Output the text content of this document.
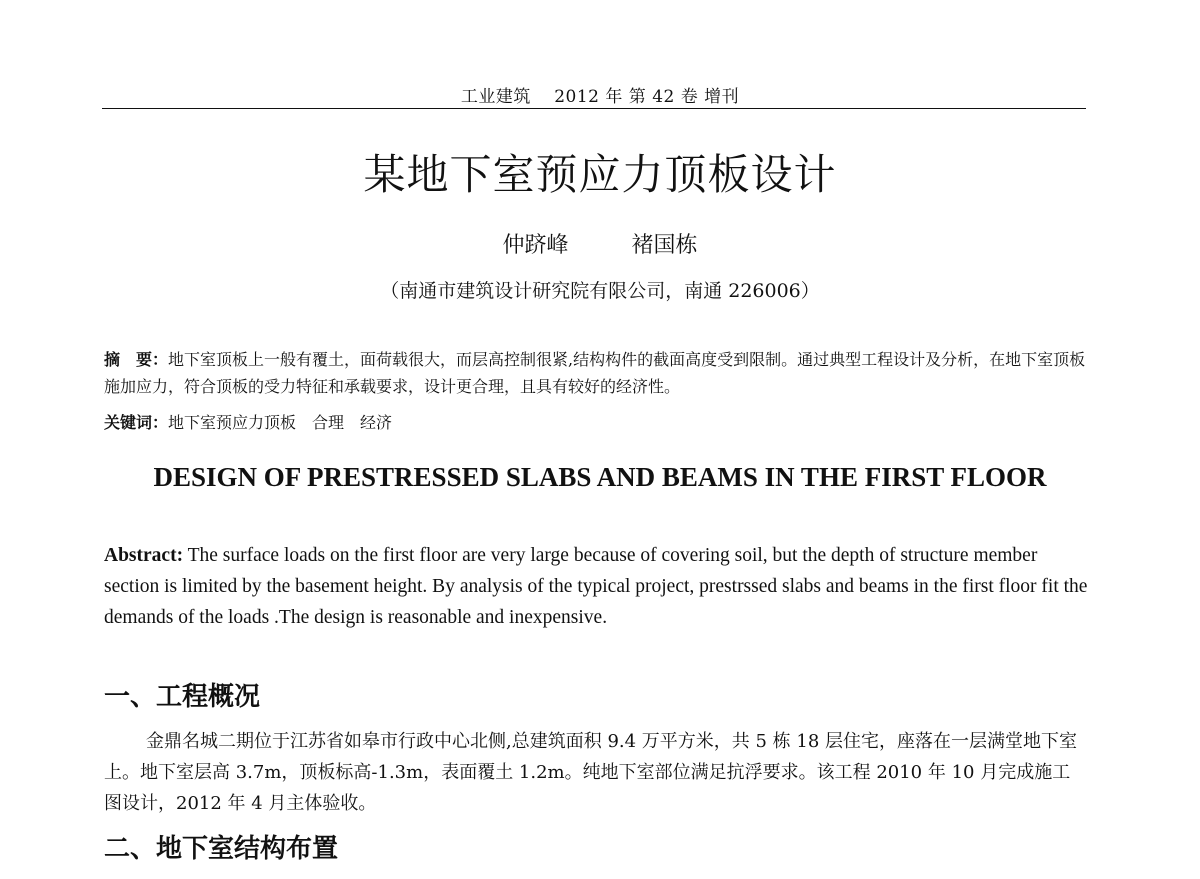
工业建筑　 2012 年 第 42 卷 增刊
某地下室预应力顶板设计
仲跻峰	褚国栋
（南通市建筑设计研究院有限公司，南通 226006）
摘　要：地下室顶板上一般有覆土，面荷载很大，而层高控制很紧,结构构件的截面高度受到限制。通过典型工程设计及分析，在地下室顶板施加应力，符合顶板的受力特征和承载要求，设计更合理，且具有较好的经济性。
关键词：地下室预应力顶板 合理 经济
DESIGN OF PRESTRESSED SLABS AND BEAMS IN THE FIRST FLOOR
Abstract: The surface loads on the first floor are very large because of covering soil, but the depth of structure member section is limited by the basement height. By analysis of the typical project, prestrssed slabs and beams in the first floor fit the demands of the loads .The design is reasonable and inexpensive.
一、工程概况
金鼎名城二期位于江苏省如皋市行政中心北侧,总建筑面积 9.4 万平方米，共 5 栋 18 层住宅，座落在一层满堂地下室上。地下室层高 3.7m，顶板标高-1.3m，表面覆土 1.2m。纯地下室部位满足抗浮要求。该工程 2010 年 10 月完成施工图设计，2012 年 4 月主体验收。
二、地下室结构布置
